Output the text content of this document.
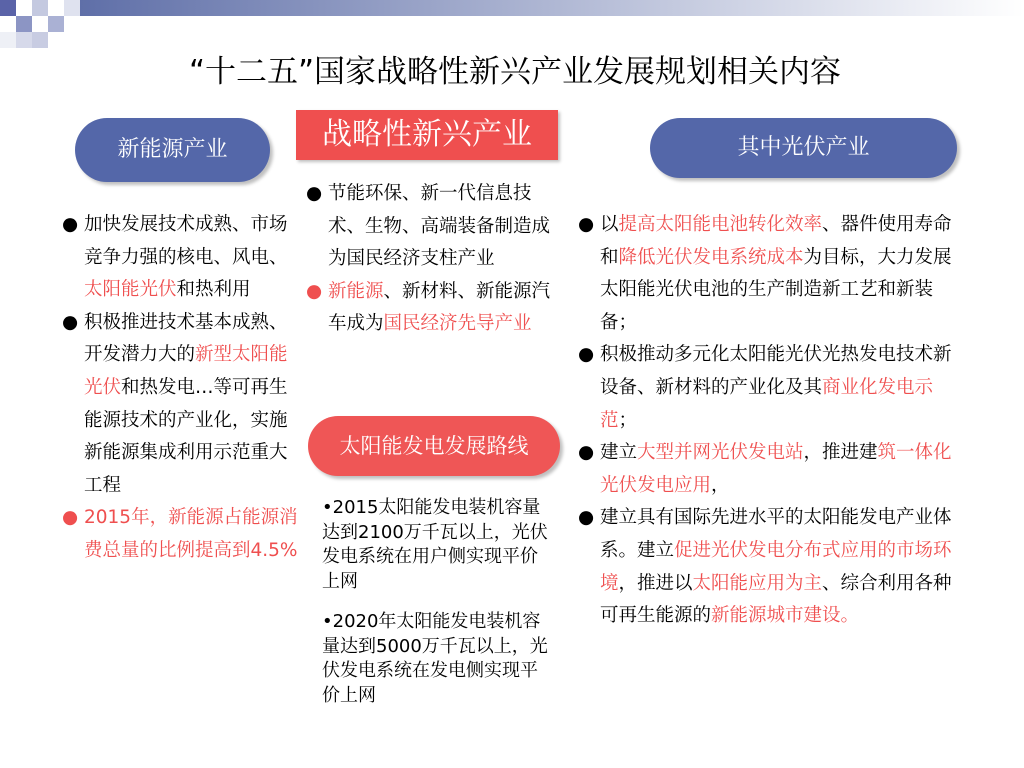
“十二五”国家战略性新兴产业发展规划相关内容
新能源产业	战略性新兴产业	其中光伏产业
● 加快发展技术成熟、市场竞争力强的核电、风电、太阳能光伏和热利用
● 积极推进技术基本成熟、开发潜力大的新型太阳能光伏和热发电…等可再生能源技术的产业化，实施新能源集成利用示范重大工程
● 2015年，新能源占能源消费总量的比例提高到4.5%
● 节能环保、新一代信息技术、生物、高端装备制造成为国民经济支柱产业
● 新能源、新材料、新能源汽车成为国民经济先导产业
太阳能发电发展路线
•2015太阳能发电装机容量达到2100万千瓦以上，光伏发电系统在用户侧实现平价上网
•2020年太阳能发电装机容量达到5000万千瓦以上，光伏发电系统在发电侧实现平价上网
● 以提高太阳能电池转化效率、器件使用寿命和降低光伏发电系统成本为目标，大力发展太阳能光伏电池的生产制造新工艺和新装备；
● 积极推动多元化太阳能光伏光热发电技术新设备、新材料的产业化及其商业化发电示范；
● 建立大型并网光伏发电站，推进建筑一体化光伏发电应用，
● 建立具有国际先进水平的太阳能发电产业体系。建立促进光伏发电分布式应用的市场环境，推进以太阳能应用为主、综合利用各种可再生能源的新能源城市建设。
